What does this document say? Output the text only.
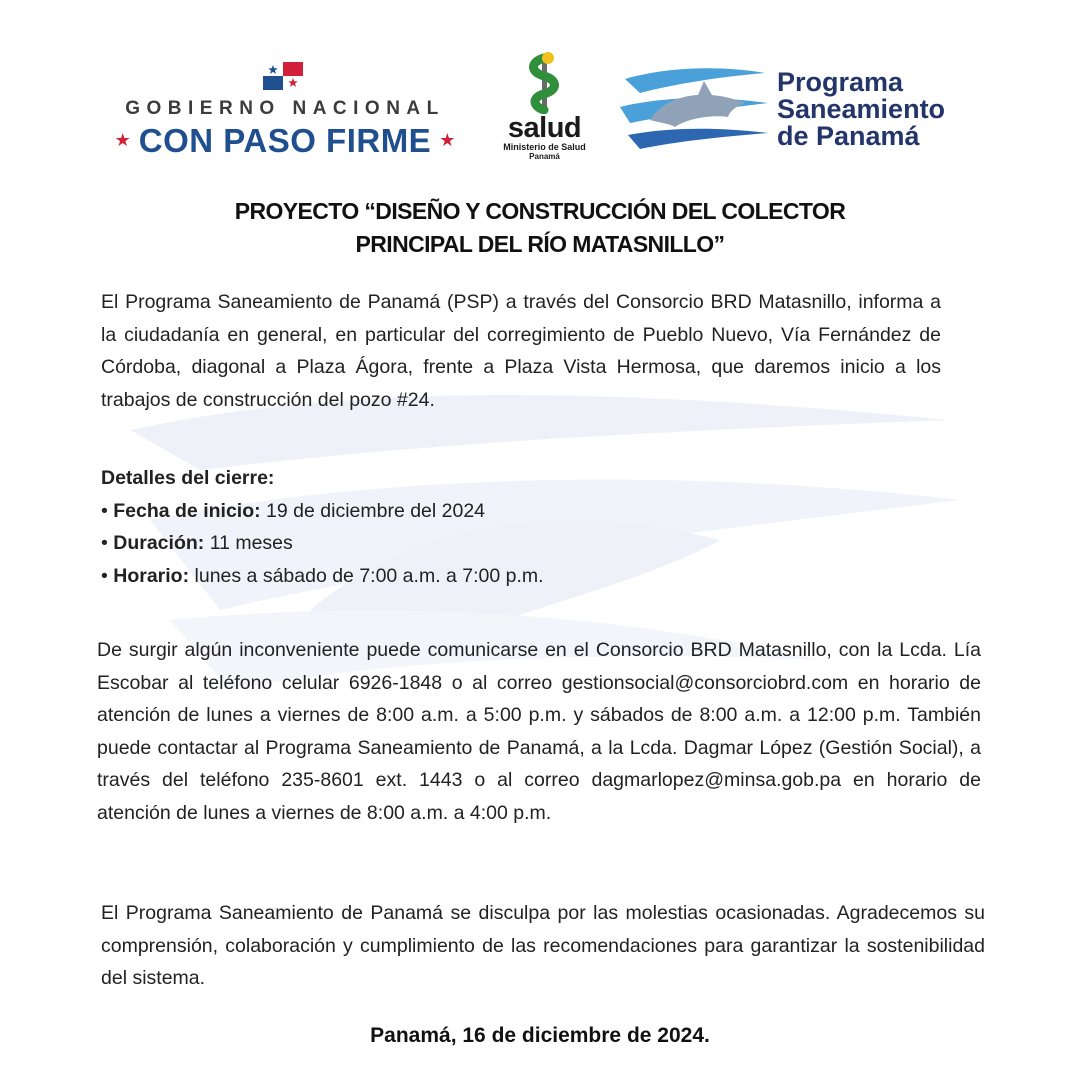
GOBIERNO NACIONAL
★ CON PASO FIRME ★	salud
Ministerio de Salud
Panamá
Programa
Saneamiento
de Panamá
PROYECTO “DISEÑO Y CONSTRUCCIÓN DEL COLECTOR
PRINCIPAL DEL RÍO MATASNILLO”

El Programa Saneamiento de Panamá (PSP) a través del Consorcio BRD Matasnillo, informa a la ciudadanía en general, en particular del corregimiento de Pueblo Nuevo, Vía Fernández de Córdoba, diagonal a Plaza Ágora, frente a Plaza Vista Hermosa, que daremos inicio a los trabajos de construcción del pozo #24.

Detalles del cierre:
• Fecha de inicio: 19 de diciembre del 2024
• Duración: 11 meses
• Horario: lunes a sábado de 7:00 a.m. a 7:00 p.m.

De surgir algún inconveniente puede comunicarse en el Consorcio BRD Matasnillo, con la Lcda. Lía Escobar al teléfono celular 6926-1848 o al correo gestionsocial@consorciobrd.com en horario de atención de lunes a viernes de 8:00 a.m. a 5:00 p.m. y sábados de 8:00 a.m. a 12:00 p.m. También puede contactar al Programa Saneamiento de Panamá, a la Lcda. Dagmar López (Gestión Social), a través del teléfono 235-8601 ext. 1443 o al correo dagmarlopez@minsa.gob.pa en horario de atención de lunes a viernes de 8:00 a.m. a 4:00 p.m.

El Programa Saneamiento de Panamá se disculpa por las molestias ocasionadas. Agradecemos su comprensión, colaboración y cumplimiento de las recomendaciones para garantizar la sostenibilidad del sistema.

Panamá, 16 de diciembre de 2024.
